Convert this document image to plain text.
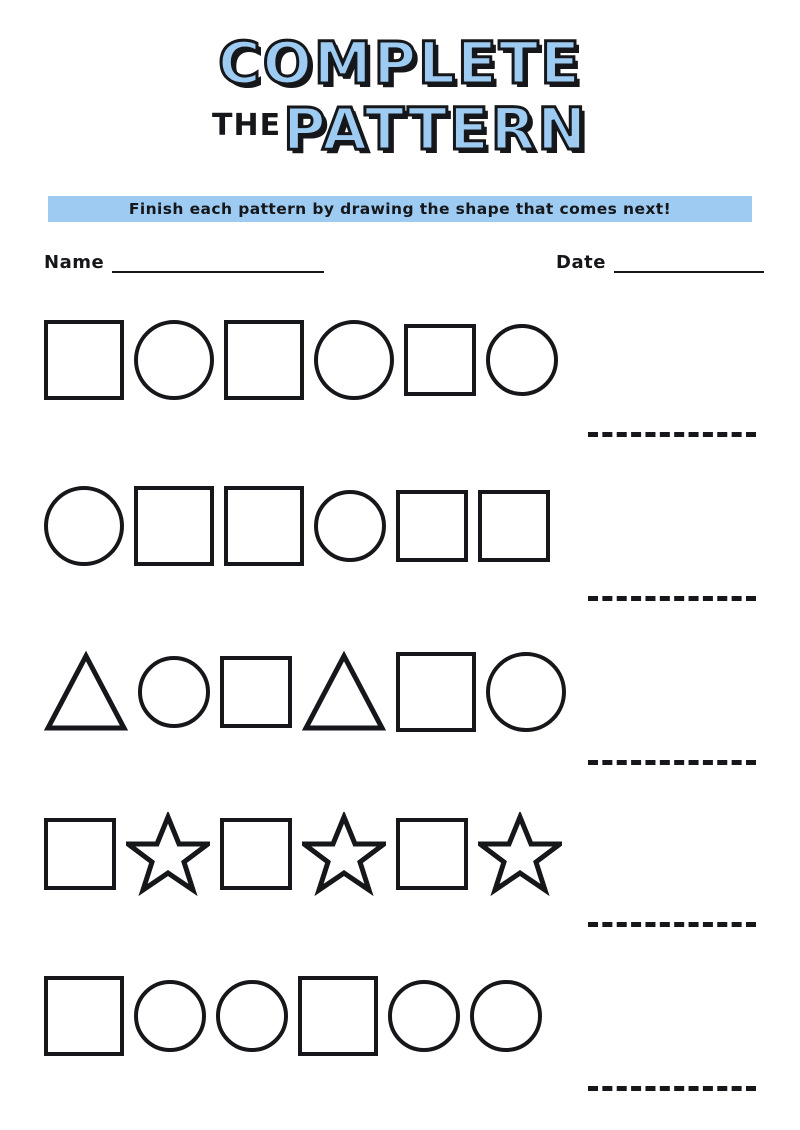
COMPLETE
THEPATTERN
Finish each pattern by drawing the shape that comes next!
Name	Date
